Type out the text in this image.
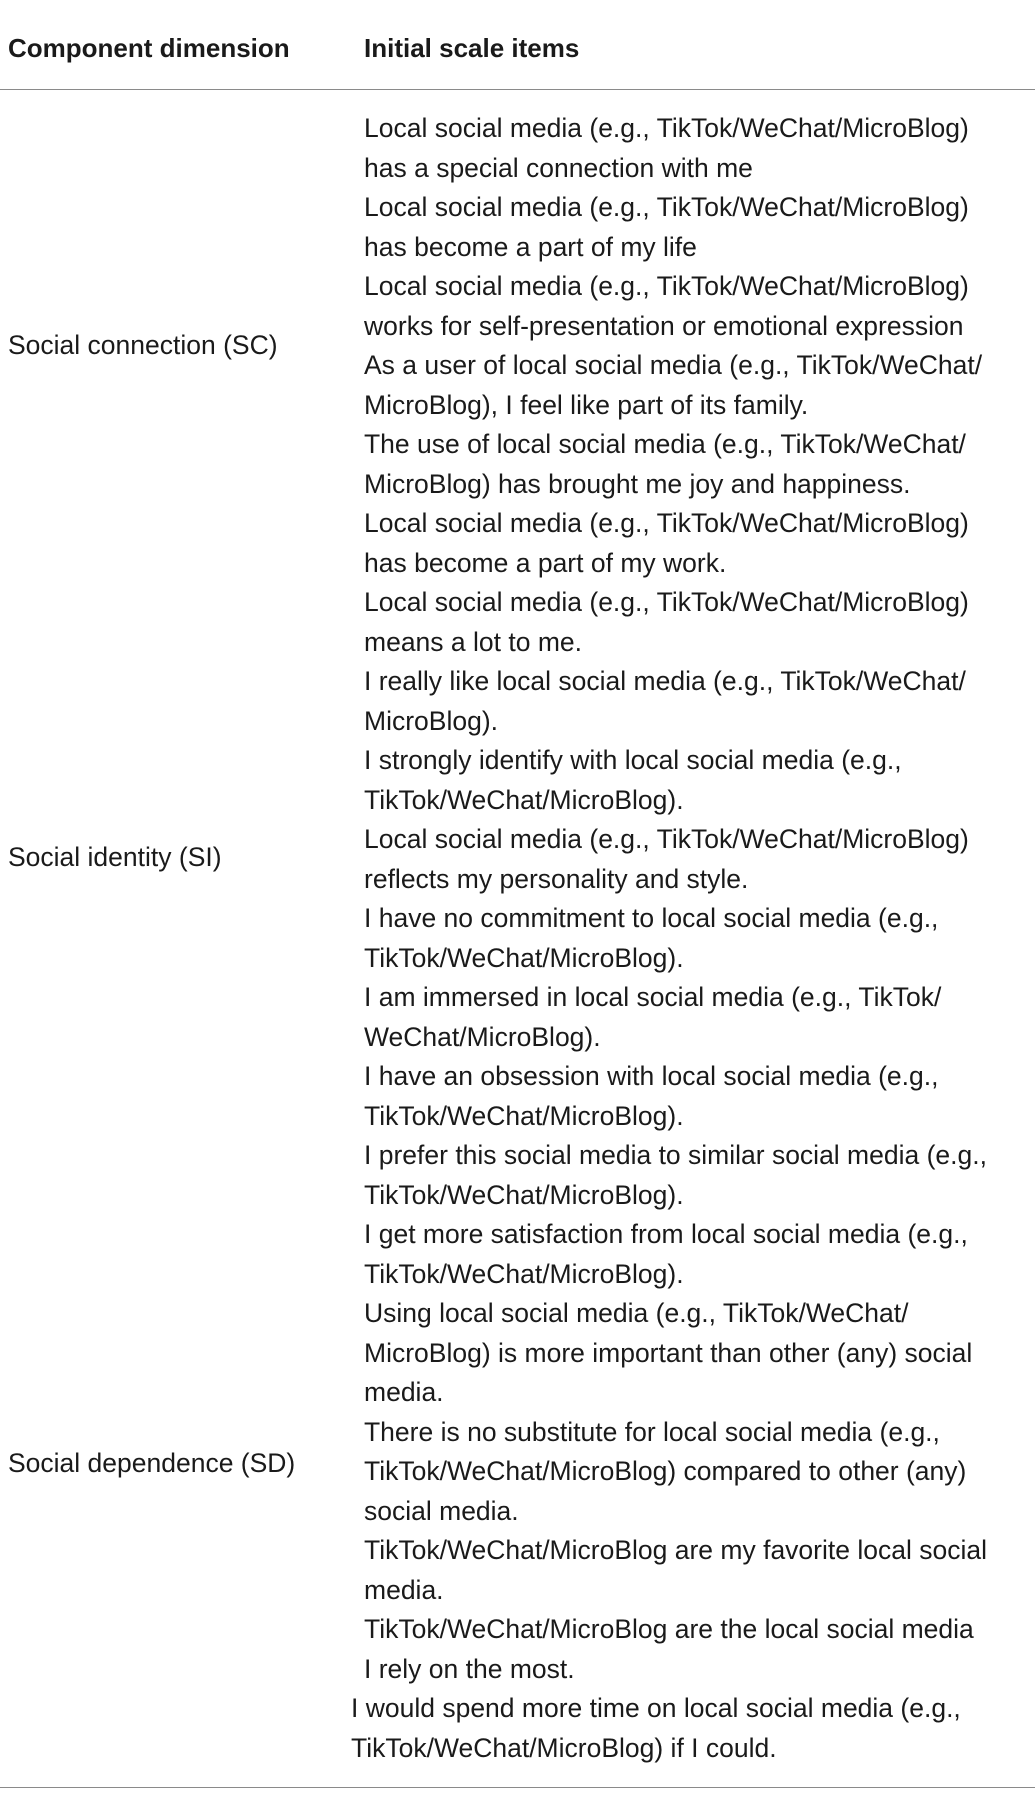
Component dimension	Initial scale items
Social connection (SC)
Social identity (SI)
Social dependence (SD)
Local social media (e.g., TikTok/WeChat/MicroBlog)
has a special connection with me
Local social media (e.g., TikTok/WeChat/MicroBlog)
has become a part of my life
Local social media (e.g., TikTok/WeChat/MicroBlog)
works for self-presentation or emotional expression
As a user of local social media (e.g., TikTok/WeChat/
MicroBlog), I feel like part of its family.
The use of local social media (e.g., TikTok/WeChat/
MicroBlog) has brought me joy and happiness.
Local social media (e.g., TikTok/WeChat/MicroBlog)
has become a part of my work.
Local social media (e.g., TikTok/WeChat/MicroBlog)
means a lot to me.
I really like local social media (e.g., TikTok/WeChat/
MicroBlog).
I strongly identify with local social media (e.g.,
TikTok/WeChat/MicroBlog).
Local social media (e.g., TikTok/WeChat/MicroBlog)
reflects my personality and style.
I have no commitment to local social media (e.g.,
TikTok/WeChat/MicroBlog).
I am immersed in local social media (e.g., TikTok/
WeChat/MicroBlog).
I have an obsession with local social media (e.g.,
TikTok/WeChat/MicroBlog).
I prefer this social media to similar social media (e.g.,
TikTok/WeChat/MicroBlog).
I get more satisfaction from local social media (e.g.,
TikTok/WeChat/MicroBlog).
Using local social media (e.g., TikTok/WeChat/
MicroBlog) is more important than other (any) social
media.
There is no substitute for local social media (e.g.,
TikTok/WeChat/MicroBlog) compared to other (any)
social media.
TikTok/WeChat/MicroBlog are my favorite local social
media.
TikTok/WeChat/MicroBlog are the local social media
I rely on the most.
I would spend more time on local social media (e.g.,
TikTok/WeChat/MicroBlog) if I could.
